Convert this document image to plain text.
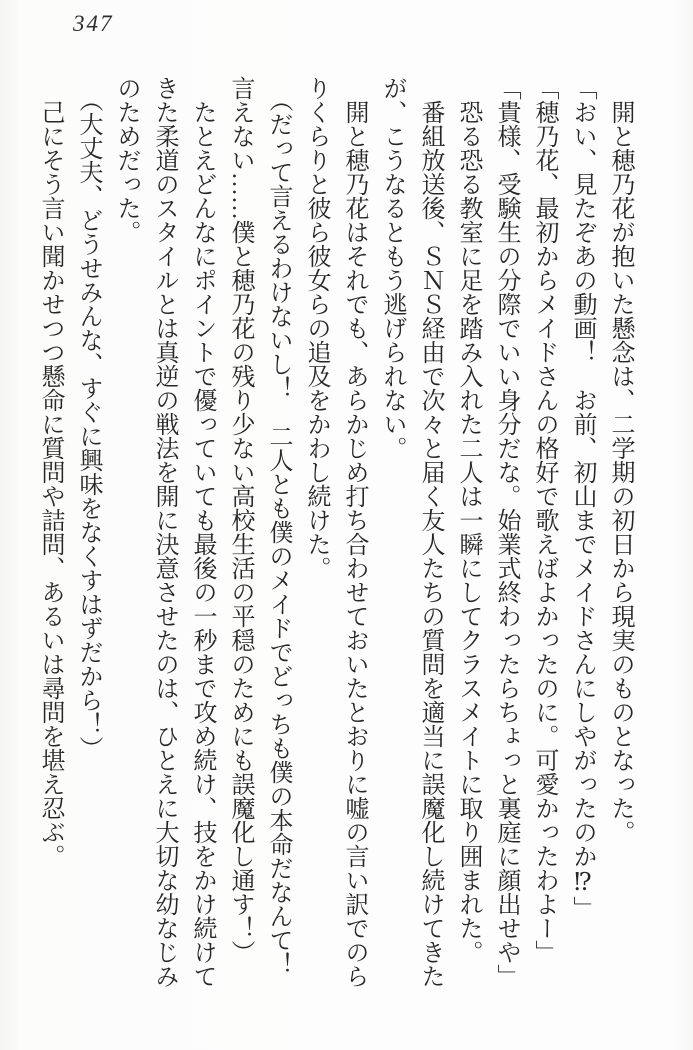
347
　開と穂乃花が抱いた懸念は、二学期の初日から現実のものとなった。
「おい、見たぞあの動画！　お前、初山までメイドさんにしやがったのか⁉」
「穂乃花、最初からメイドさんの格好で歌えばよかったのに。可愛かったわよー」
「貴様、受験生の分際でいい身分だな。始業式終わったらちょっと裏庭に顔出せや」
　恐る恐る教室に足を踏み入れた二人は一瞬にしてクラスメイトに取り囲まれた。
　番組放送後、ＳＮＳ経由で次々と届く友人たちの質問を適当に誤魔化し続けてきた
が、こうなるともう逃げられない。
　開と穂乃花はそれでも、あらかじめ打ち合わせておいたとおりに嘘の言い訳でのら
りくらりと彼ら彼女らの追及をかわし続けた。
　（だって言えるわけないし！　二人とも僕のメイドでどっちも僕の本命だなんて！
言えない……僕と穂乃花の残り少ない高校生活の平穏のためにも誤魔化し通す！）
　たとえどんなにポイントで優っていても最後の一秒まで攻め続け、技をかけ続けて
きた柔道のスタイルとは真逆の戦法を開に決意させたのは、ひとえに大切な幼なじみ
のためだった。
　（大丈夫、どうせみんな、すぐに興味をなくすはずだから！）
　己にそう言い聞かせつつ懸命に質問や詰問、あるいは尋問を堪え忍ぶ。
